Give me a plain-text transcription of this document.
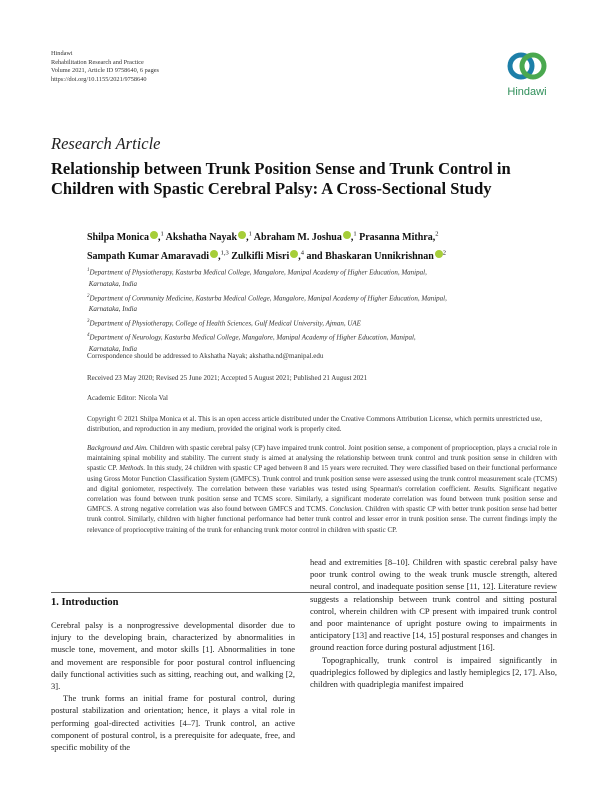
Hindawi
Rehabilitation Research and Practice
Volume 2021, Article ID 9758640, 6 pages
https://doi.org/10.1155/2021/9758640
Hindawi
Research Article
Relationship between Trunk Position Sense and Trunk Control in Children with Spastic Cerebral Palsy: A Cross-Sectional Study
Shilpa Monica ,$^1$ Akshatha Nayak ,$^1$ Abraham M. Joshua ,$^1$ Prasanna Mithra,$^2$
Sampath Kumar Amaravadi ,$^{1,3}$ Zulkifli Misri ,$^4$ and Bhaskaran Unnikrishnan $^2$
$^1$Department of Physiotherapy, Kasturba Medical College, Mangalore, Manipal Academy of Higher Education, Manipal,
Karnataka, India
$^2$Department of Community Medicine, Kasturba Medical College, Mangalore, Manipal Academy of Higher Education, Manipal,
Karnataka, India
$^3$Department of Physiotherapy, College of Health Sciences, Gulf Medical University, Ajman, UAE
$^4$Department of Neurology, Kasturba Medical College, Mangalore, Manipal Academy of Higher Education, Manipal,
Karnataka, India
Correspondence should be addressed to Akshatha Nayak; akshatha.nd@manipal.edu
Received 23 May 2020; Revised 25 June 2021; Accepted 5 August 2021; Published 21 August 2021
Academic Editor: Nicola Val
Copyright © 2021 Shilpa Monica et al. This is an open access article distributed under the Creative Commons Attribution License, which permits unrestricted use, distribution, and reproduction in any medium, provided the original work is properly cited.
Background and Aim. Children with spastic cerebral palsy (CP) have impaired trunk control. Joint position sense, a component of proprioception, plays a crucial role in maintaining spinal mobility and stability. The current study is aimed at analysing the relationship between trunk control and trunk position sense in children with spastic CP. Methods. In this study, 24 children with spastic CP aged between 8 and 15 years were recruited. They were classified based on their functional performance using Gross Motor Function Classification System (GMFCS). Trunk control and trunk position sense were assessed using the trunk control measurement scale (TCMS) and digital goniometer, respectively. The correlation between these variables was tested using Spearman's correlation coefficient. Results. Significant negative correlation was found between trunk position sense and TCMS score. Similarly, a significant moderate correlation was found between trunk position sense and GMFCS. A strong negative correlation was also found between GMFCS and TCMS. Conclusion. Children with spastic CP with better trunk position sense had better trunk control. Similarly, children with higher functional performance had better trunk control and lesser error in trunk position sense. The current findings imply the relevance of proprioceptive training of the trunk for enhancing trunk motor control in children with spastic CP.
1. Introduction

Cerebral palsy is a nonprogressive developmental disorder due to injury to the developing brain, characterized by abnormalities in muscle tone, movement, and motor skills [1]. Abnormalities in tone and movement are responsible for poor postural control influencing daily functional activities such as sitting, reaching out, and walking [2, 3].

The trunk forms an initial frame for postural control, during postural stabilization and orientation; hence, it plays a vital role in performing goal-directed activities [4–7]. Trunk control, an active component of postural control, is a prerequisite for adequate, free, and specific mobility of the

head and extremities [8–10]. Children with spastic cerebral palsy have poor trunk control owing to the weak trunk muscle strength, altered neural control, and inadequate position sense [11, 12]. Literature review suggests a relationship between trunk control and sitting postural control, wherein children with CP present with impaired trunk control and poor maintenance of upright posture owing to impairments in anticipatory [13] and reactive [14, 15] postural responses and changes in ground reaction force during postural adjustment [16].

Topographically, trunk control is impaired significantly in quadriplegics followed by diplegics and lastly hemiplegics [2, 17]. Also, children with quadriplegia manifest impaired
